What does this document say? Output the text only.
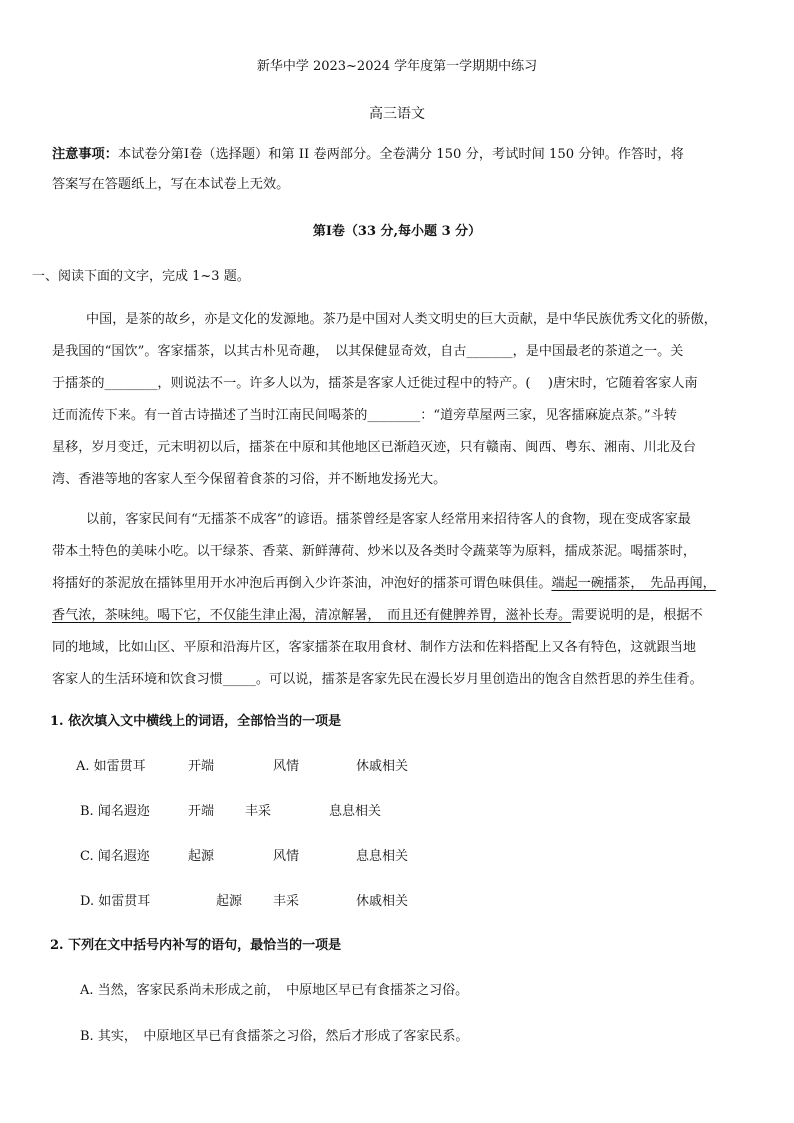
新华中学 2023~2024 学年度第一学期期中练习
高三语文
注意事项：本试卷分第Ⅰ卷（选择题）和第 II 卷两部分。全卷满分 150 分，考试时间 150 分钟。作答时，将
答案写在答题纸上，写在本试卷上无效。
第Ⅰ卷（33 分,每小题 3 分）
一、阅读下面的文字，完成 1~3 题。
中国，是茶的故乡，亦是文化的发源地。茶乃是中国对人类文明史的巨大贡献，是中华民族优秀文化的骄傲，
是我国的“国饮”。客家擂茶，以其古朴见奇趣，　以其保健显奇效，自古_______，是中国最老的茶道之一。关
于擂茶的________，则说法不一。许多人以为，擂茶是客家人迁徙过程中的特产。(　 )唐宋时，它随着客家人南
迁而流传下来。有一首古诗描述了当时江南民间喝茶的________：“道旁草屋两三家，见客擂麻旋点茶。”斗转
星移，岁月变迁，元末明初以后，擂茶在中原和其他地区已渐趋灭迹，只有赣南、闽西、粤东、湘南、川北及台
湾、香港等地的客家人至今保留着食茶的习俗，并不断地发扬光大。
以前，客家民间有“无擂茶不成客”的谚语。擂茶曾经是客家人经常用来招待客人的食物，现在变成客家最
带本土特色的美味小吃。以干绿茶、香菜、新鲜薄荷、炒米以及各类时令蔬菜等为原料，擂成茶泥。喝擂茶时，
将擂好的茶泥放在擂钵里用开水冲泡后再倒入少许茶油，冲泡好的擂茶可谓色味俱佳。端起一碗擂茶，　先品再闻，
香气浓，茶味纯。喝下它，不仅能生津止渴，清凉解暑，　而且还有健脾养胃，滋补长寿。需要说明的是，根据不
同的地域，比如山区、平原和沿海片区，客家擂茶在取用食材、制作方法和佐料搭配上又各有特色，这就跟当地
客家人的生活环境和饮食习惯_____。可以说，擂茶是客家先民在漫长岁月里创造出的饱含自然哲思的养生佳肴。
1. 依次填入文中横线上的词语，全部恰当的一项是
A. 如雷贯耳	开端	风情	休戚相关
B. 闻名遐迩	开端 丰采	息息相关
C. 闻名遐迩	起源	风情	息息相关
D. 如雷贯耳	起源 丰采	休戚相关
2. 下列在文中括号内补写的语句，最恰当的一项是
A. 当然，客家民系尚未形成之前，　中原地区早已有食擂茶之习俗。
B. 其实，　中原地区早已有食擂茶之习俗，然后才形成了客家民系。
